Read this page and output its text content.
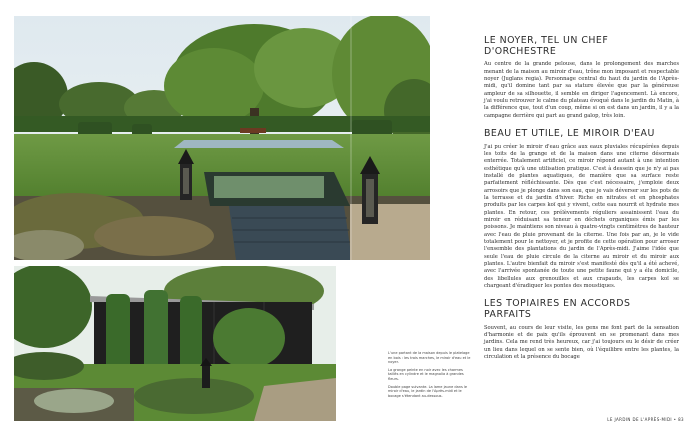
L'une partant de la maison depuis le platelage en bois : les trois marches, le miroir d'eau et le noyer.

La grange peinte en noir avec les charmes taillés en cylindre et le magnolia à grandes fleurs.

Double page suivante. La lame jaune dans le miroir d'eau, le jardin de l'Après-midi et le bocage s'étendant au-dessous.

LE NOYER, TEL UN CHEF D'ORCHESTRE

Au centre de la grande pelouse, dans le prolongement des marches menant de la maison au miroir d'eau, trône mon imposant et respectable noyer (Juglans regia). Personnage central du haut du jardin de l'Après-midi, qu'il domine tant par sa stature élevée que par la généreuse ampleur de sa silhouette, il semble en diriger l'agencement. Là encore, j'ai voulu retrouver le calme du plateau évoqué dans le jardin du Matin, à la différence que, tout d'un coup, même si on est dans un jardin, il y a la campagne derrière qui part au grand galop, très loin.

BEAU ET UTILE, LE MIROIR D'EAU

J'ai pu créer le miroir d'eau grâce aux eaux pluviales récupérées depuis les toits de la grange et de la maison dans une citerne désormais enterrée. Totalement artificiel, ce miroir répond autant à une intention esthétique qu'à une utilisation pratique. C'est à dessein que je n'y ai pas installé de plantes aquatiques, de manière que sa surface reste parfaitement réfléchissante. Dès que c'est nécessaire, j'emploie deux arrosoirs que je plonge dans son eau, que je vais déverser sur les pots de la terrasse et du jardin d'hiver. Riche en nitrates et en phosphates produits par les carpes koï qui y vivent, cette eau nourrit et hydrate mes plantes. En retour, ces prélèvements réguliers assainissent l'eau du miroir en réduisant sa teneur en déchets organiques émis par les poissons. Je maintiens son niveau à quatre-vingts centimètres de hauteur avec l'eau de pluie provenant de la citerne. Une fois par an, je le vide totalement pour le nettoyer, et je profite de cette opération pour arroser l'ensemble des plantations du jardin de l'Après-midi. J'aime l'idée que seule l'eau de pluie circule de la citerne au miroir et du miroir aux plantes. L'autre bienfait du miroir s'est manifesté dès qu'il a été achevé, avec l'arrivée spontanée de toute une petite faune qui y a élu domicile, des libellules aux grenouilles et aux crapauds, les carpes koï se chargeant d'éradiquer les pontes des moustiques.

LES TOPIAIRES EN ACCORDS PARFAITS

Souvent, au cours de leur visite, les gens me font part de la sensation d'harmonie et de paix qu'ils éprouvent en se promenant dans mes jardins. Cela me rend très heureux, car j'ai toujours eu le désir de créer un lieu dans lequel on se sente bien, où l'équilibre entre les plantes, la circulation et la présence du bocage

LE JARDIN DE L'APRÈS-MIDI • 83
